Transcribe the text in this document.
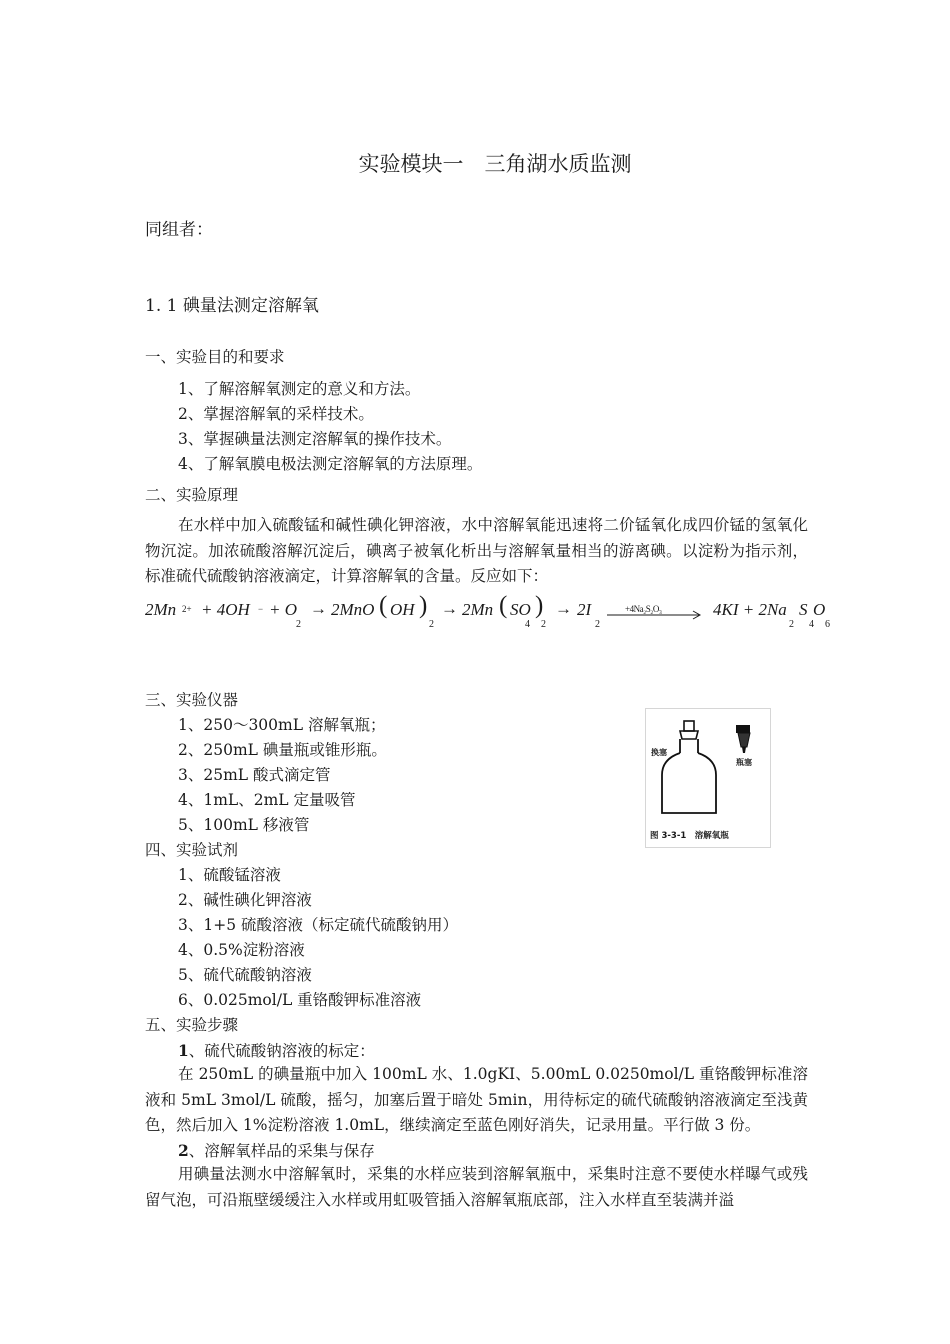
实验模块一　三角湖水质监测
同组者：
1. 1 碘量法测定溶解氧
一、实验目的和要求
1、了解溶解氧测定的意义和方法。
2、掌握溶解氧的采样技术。
3、掌握碘量法测定溶解氧的操作技术。
4、了解氧膜电极法测定溶解氧的方法原理。
二、实验原理
在水样中加入硫酸锰和碱性碘化钾溶液，水中溶解氧能迅速将二价锰氧化成四价锰的氢氧化物沉淀。加浓硫酸溶解沉淀后，碘离子被氧化析出与溶解氧量相当的游离碘。以淀粉为指示剂，标准硫代硫酸钠溶液滴定，计算溶解氧的含量。反应如下：
2Mn 2+ + 4OH − + O
2
→ 2MnO ( OH )
2
→ 2Mn ( SO
4
)
2
→ 2I
2
+4Na₂S₂O₃	4KI + 2Na
2
S
4
O
6
三、实验仪器
1、250～300mL 溶解氧瓶；
2、250mL 碘量瓶或锥形瓶。
3、25mL 酸式滴定管
4、1mL、2mL 定量吸管
5、100mL 移液管
换塞
瓶塞
图 3-3-1　溶解氧瓶
四、实验试剂
1、硫酸锰溶液
2、碱性碘化钾溶液
3、1+5 硫酸溶液（标定硫代硫酸钠用）
4、0.5%淀粉溶液
5、硫代硫酸钠溶液
6、0.025mol/L 重铬酸钾标准溶液
五、实验步骤
1、硫代硫酸钠溶液的标定：
在 250mL 的碘量瓶中加入 100mL 水、1.0gKI、5.00mL 0.0250mol/L 重铬酸钾标准溶液和 5mL 3mol/L 硫酸，摇匀，加塞后置于暗处 5min，用待标定的硫代硫酸钠溶液滴定至浅黄色，然后加入 1%淀粉溶液 1.0mL，继续滴定至蓝色刚好消失，记录用量。平行做 3 份。
2、溶解氧样品的采集与保存
用碘量法测水中溶解氧时，采集的水样应装到溶解氧瓶中，采集时注意不要使水样曝气或残留气泡，可沿瓶壁缓缓注入水样或用虹吸管插入溶解氧瓶底部，注入水样直至装满并溢
